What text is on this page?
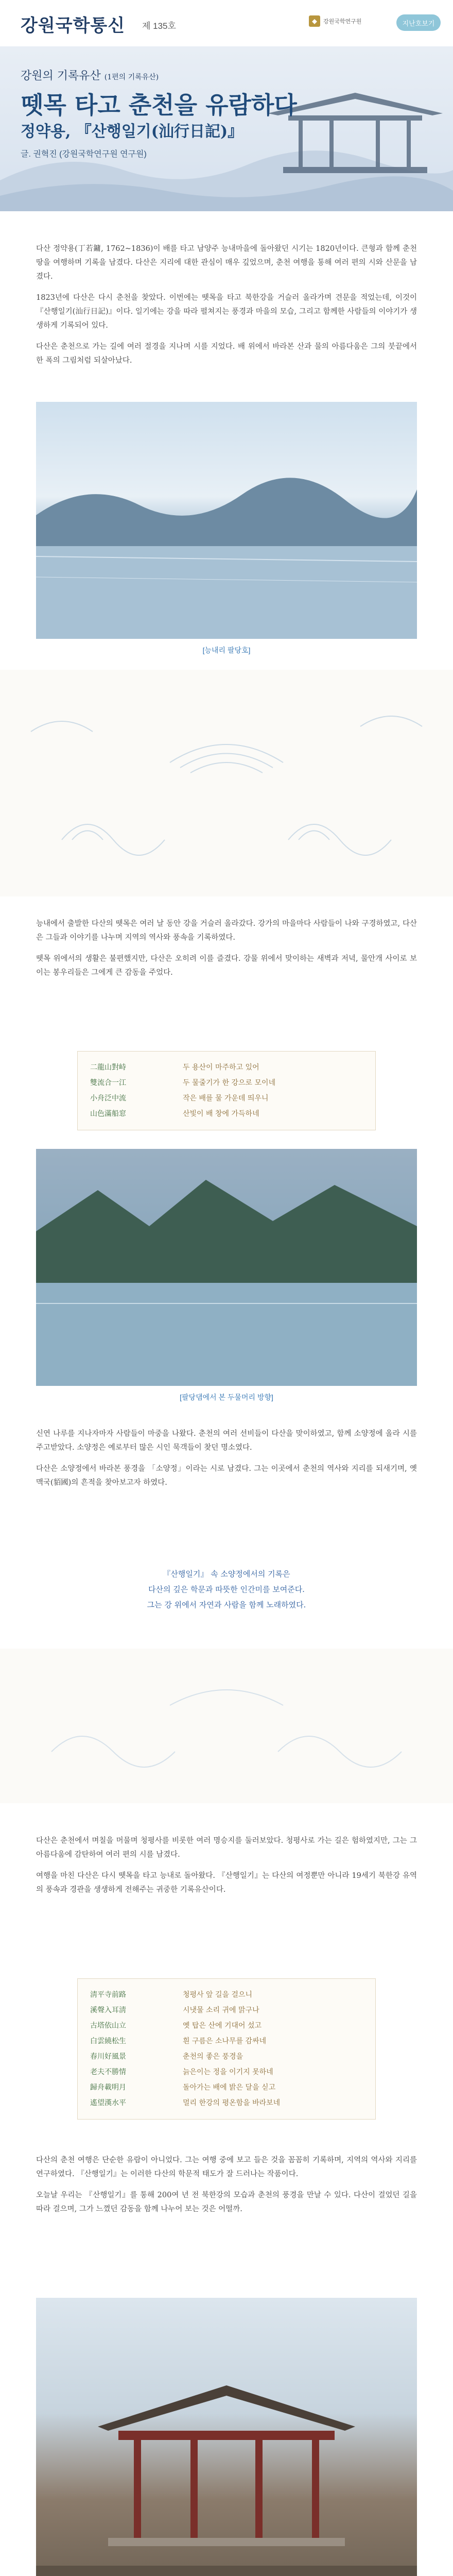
강원국학통신 제 135호	◆	강원국학연구원	지난호보기
강원의 기록유산 (1편의 기록유산)
뗏목 타고 춘천을 유람하다
정약용, 『산행일기(汕行日記)』
글. 권혁진 (강원국학연구원 연구원)

다산 정약용(丁若鏞, 1762~1836)이 배를 타고 남양주 능내마을에 돌아왔던 시기는 1820년이다. 큰형과 함께 춘천 땅을 여행하며 기록을 남겼다. 다산은 지리에 대한 관심이 매우 깊었으며, 춘천 여행을 통해 여러 편의 시와 산문을 남겼다.

1823년에 다산은 다시 춘천을 찾았다. 이번에는 뗏목을 타고 북한강을 거슬러 올라가며 견문을 적었는데, 이것이 『산행일기(汕行日記)』이다. 일기에는 강을 따라 펼쳐지는 풍경과 마을의 모습, 그리고 함께한 사람들의 이야기가 생생하게 기록되어 있다.

다산은 춘천으로 가는 길에 여러 절경을 지나며 시를 지었다. 배 위에서 바라본 산과 물의 아름다움은 그의 붓끝에서 한 폭의 그림처럼 되살아났다.

[능내리 팔당호]

능내에서 출발한 다산의 뗏목은 여러 날 동안 강을 거슬러 올라갔다. 강가의 마을마다 사람들이 나와 구경하였고, 다산은 그들과 이야기를 나누며 지역의 역사와 풍속을 기록하였다.

뗏목 위에서의 생활은 불편했지만, 다산은 오히려 이를 즐겼다. 강물 위에서 맞이하는 새벽과 저녁, 물안개 사이로 보이는 봉우리들은 그에게 큰 감동을 주었다.

二龍山對峙	두 용산이 마주하고 있어
雙流合一江	두 물줄기가 한 강으로 모이네
小舟泛中流	작은 배를 물 가운데 띄우니
山色滿船窓	산빛이 배 창에 가득하네
[팔당댐에서 본 두물머리 방향]

신연 나루를 지나자마자 사람들이 마중을 나왔다. 춘천의 여러 선비들이 다산을 맞이하였고, 함께 소양정에 올라 시를 주고받았다. 소양정은 예로부터 많은 시인 묵객들이 찾던 명소였다.

다산은 소양정에서 바라본 풍경을 「소양정」이라는 시로 남겼다. 그는 이곳에서 춘천의 역사와 지리를 되새기며, 옛 맥국(貊國)의 흔적을 찾아보고자 하였다.

『산행일기』 속 소양정에서의 기록은
다산의 깊은 학문과 따뜻한 인간미를 보여준다.
그는 강 위에서 자연과 사람을 함께 노래하였다.

다산은 춘천에서 며칠을 머물며 청평사를 비롯한 여러 명승지를 둘러보았다. 청평사로 가는 길은 험하였지만, 그는 그 아름다움에 감탄하여 여러 편의 시를 남겼다.

여행을 마친 다산은 다시 뗏목을 타고 능내로 돌아왔다. 『산행일기』는 다산의 여정뿐만 아니라 19세기 북한강 유역의 풍속과 경관을 생생하게 전해주는 귀중한 기록유산이다.

淸平寺前路	청평사 앞 길을 걸으니
溪聲入耳淸	시냇물 소리 귀에 맑구나
古塔依山立	옛 탑은 산에 기대어 섰고
白雲繞松生	흰 구름은 소나무를 감싸네
春川好風景	춘천의 좋은 풍경을
老夫不勝情	늙은이는 정을 이기지 못하네
歸舟載明月	돌아가는 배에 밝은 달을 싣고
遙望漢水平	멀리 한강의 평온함을 바라보네

다산의 춘천 여행은 단순한 유람이 아니었다. 그는 여행 중에 보고 들은 것을 꼼꼼히 기록하며, 지역의 역사와 지리를 연구하였다. 『산행일기』는 이러한 다산의 학문적 태도가 잘 드러나는 작품이다.

오늘날 우리는 『산행일기』를 통해 200여 년 전 북한강의 모습과 춘천의 풍경을 만날 수 있다. 다산이 걸었던 길을 따라 걸으며, 그가 느꼈던 감동을 함께 나누어 보는 것은 어떨까.
